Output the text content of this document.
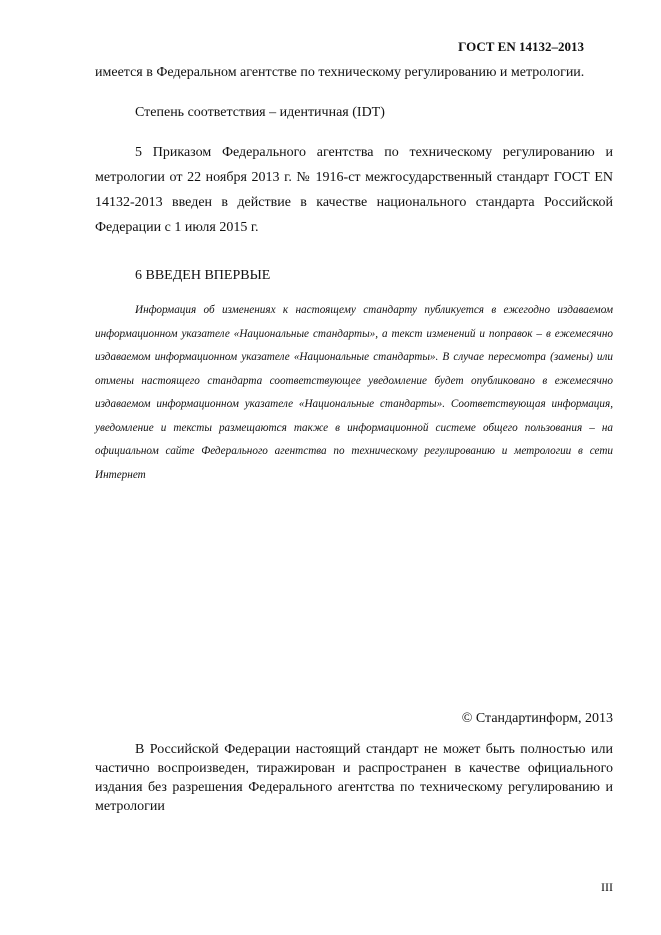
ГОСТ EN 14132–2013
имеется в Федеральном агентстве по техническому регулированию и метрологии.
Степень соответствия – идентичная (IDT)
5 Приказом Федерального агентства по техническому регулированию и метрологии от 22 ноября 2013 г. № 1916-ст межгосударственный стандарт ГОСТ EN 14132-2013 введен в действие в качестве национального стандарта Российской Федерации с 1 июля 2015 г.
6 ВВЕДЕН ВПЕРВЫЕ
Информация об изменениях к настоящему стандарту публикуется в ежегодно издаваемом информационном указателе «Национальные стандарты», а текст изменений и поправок – в ежемесячно издаваемом информационном указателе «Национальные стандарты». В случае пересмотра (замены) или отмены настоящего стандарта соответствующее уведомление будет опубликовано в ежемесячно издаваемом информационном указателе «Национальные стандарты». Соответствующая информация, уведомление и тексты размещаются также в информационной системе общего пользования – на официальном сайте Федерального агентства по техническому регулированию и метрологии в сети Интернет
© Стандартинформ, 2013
В Российской Федерации настоящий стандарт не может быть полностью или частично воспроизведен, тиражирован и распространен в качестве официального издания без разрешения Федерального агентства по техническому регулированию и метрологии
III
